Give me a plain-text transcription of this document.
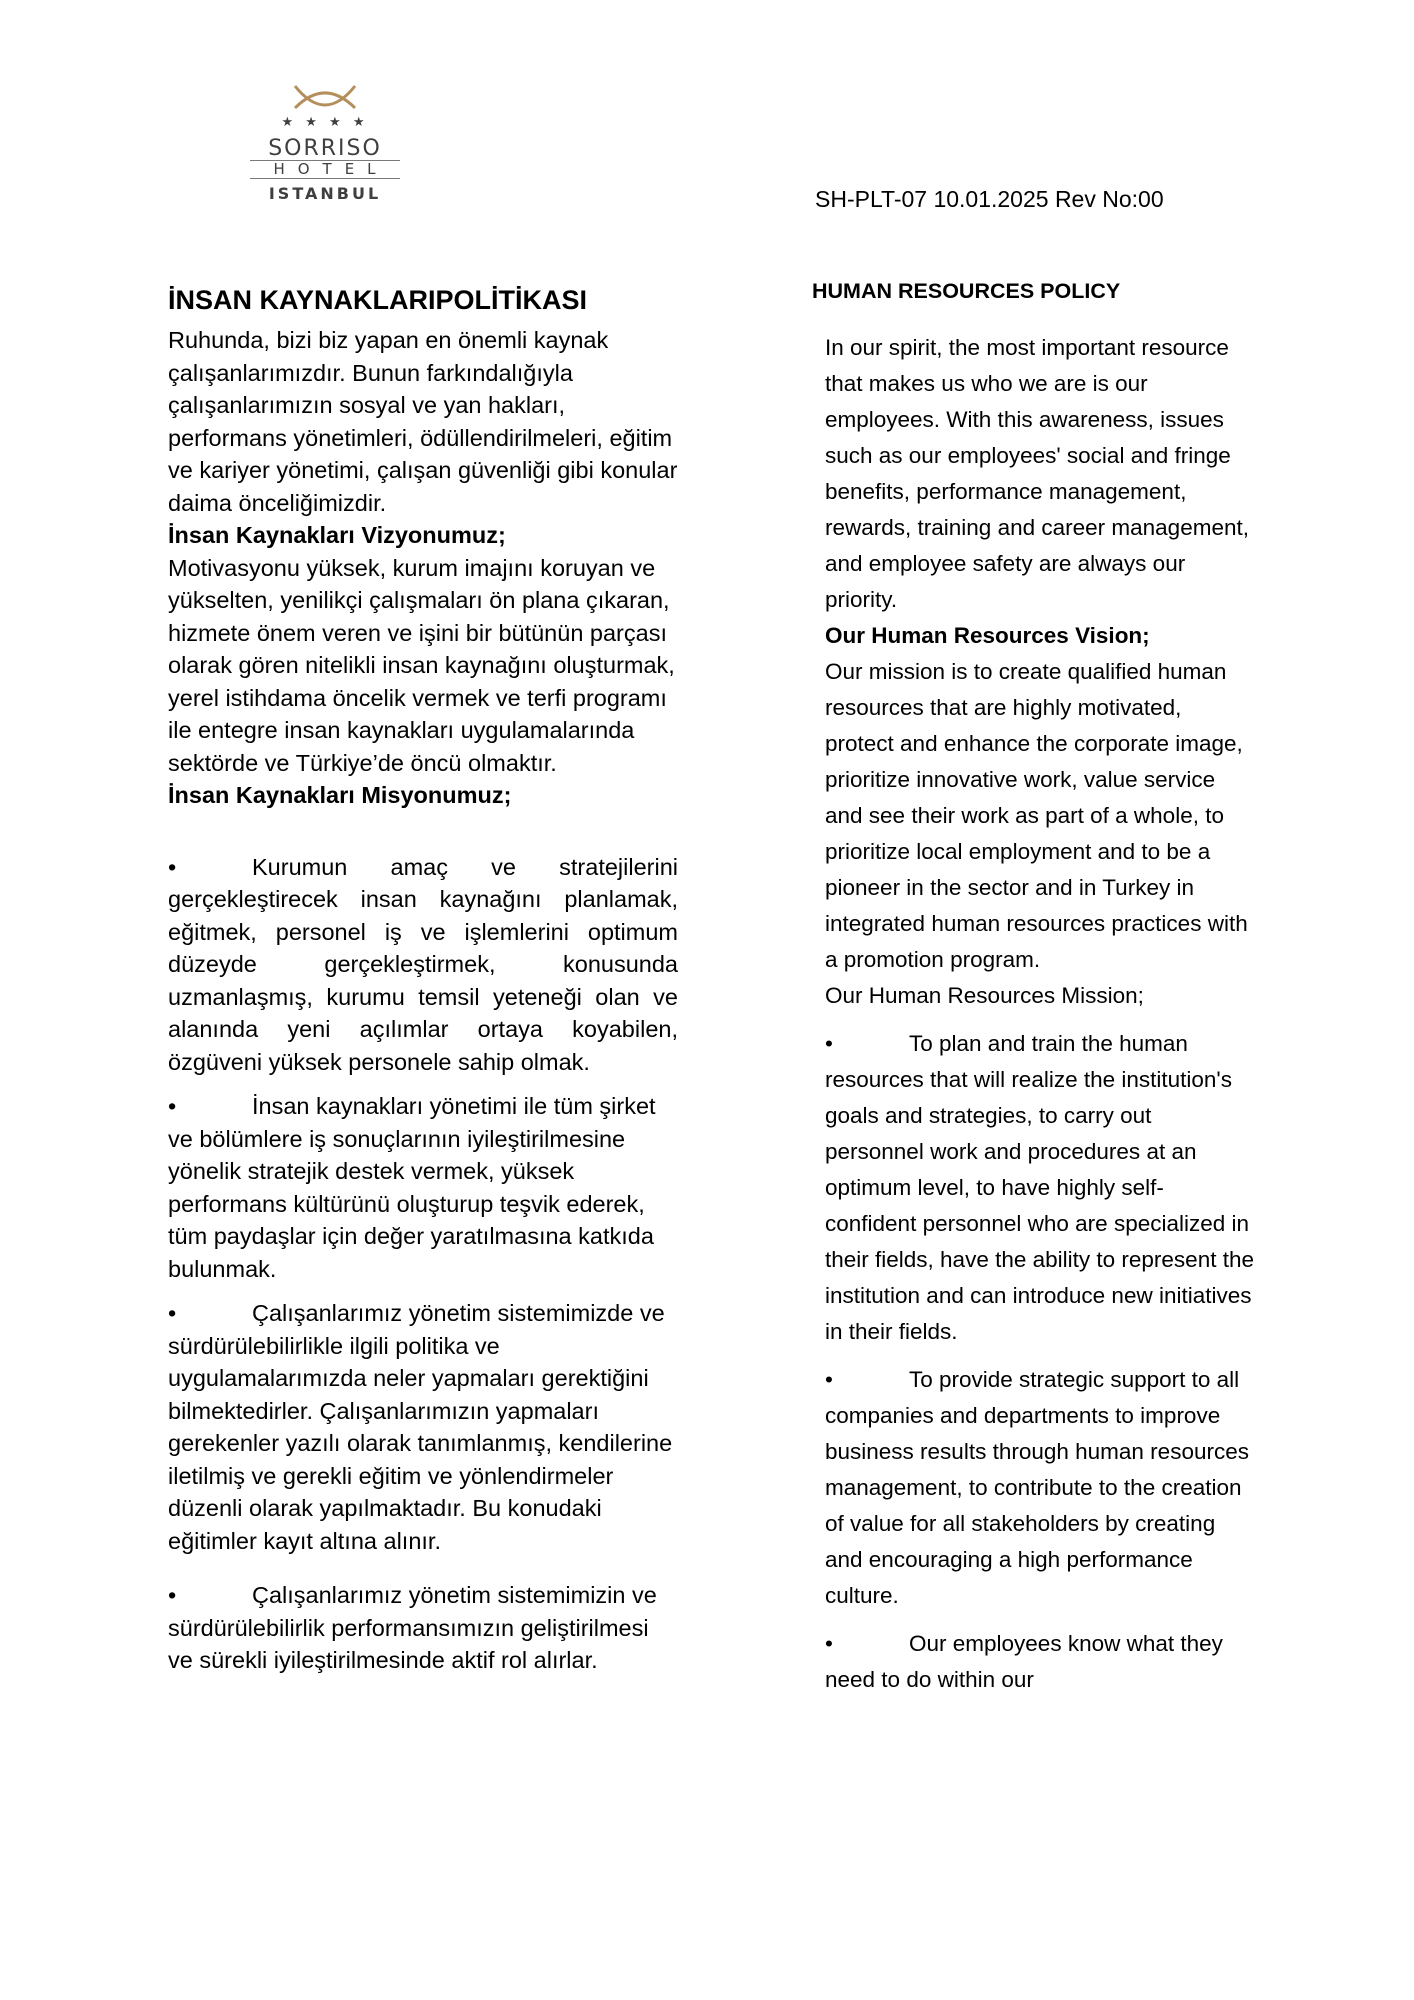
★ ★ ★ ★
SORRISO
HOTEL
ISTANBUL	SH-PLT-07 10.01.2025 Rev No:00
İNSAN KAYNAKLARIPOLİTİKASI

Ruhunda, bizi biz yapan en önemli kaynak çalışanlarımızdır. Bunun farkındalığıyla çalışanlarımızın sosyal ve yan hakları, performans yönetimleri, ödüllendirilmeleri, eğitim ve kariyer yönetimi, çalışan güvenliği gibi konular daima önceliğimizdir.

İnsan Kaynakları Vizyonumuz;

Motivasyonu yüksek, kurum imajını koruyan ve yükselten, yenilikçi çalışmaları ön plana çıkaran, hizmete önem veren ve işini bir bütünün parçası olarak gören nitelikli insan kaynağını oluşturmak, yerel istihdama öncelik vermek ve terfi programı ile entegre insan kaynakları uygulamalarında sektörde ve Türkiye’de öncü olmaktır.

İnsan Kaynakları Misyonumuz;

•	Kurumun amaç ve stratejilerini gerçekleştirecek insan kaynağını planlamak, eğitmek, personel iş ve işlemlerini optimum düzeyde gerçekleştirmek, konusunda uzmanlaşmış, kurumu temsil yeteneği olan ve alanında yeni açılımlar ortaya koyabilen, özgüveni yüksek personele sahip olmak.

•	İnsan kaynakları yönetimi ile tüm şirket ve bölümlere iş sonuçlarının iyileştirilmesine yönelik stratejik destek vermek, yüksek performans kültürünü oluşturup teşvik ederek, tüm paydaşlar için değer yaratılmasına katkıda bulunmak.

•	Çalışanlarımız yönetim sistemimizde ve sürdürülebilirlikle ilgili politika ve uygulamalarımızda neler yapmaları gerektiğini bilmektedirler. Çalışanlarımızın yapmaları gerekenler yazılı olarak tanımlanmış, kendilerine iletilmiş ve gerekli eğitim ve yönlendirmeler düzenli olarak yapılmaktadır. Bu konudaki eğitimler kayıt altına alınır.

•	Çalışanlarımız yönetim sistemimizin ve sürdürülebilirlik performansımızın geliştirilmesi ve sürekli iyileştirilmesinde aktif rol alırlar.

HUMAN RESOURCES POLICY

In our spirit, the most important resource that makes us who we are is our employees. With this awareness, issues such as our employees' social and fringe benefits, performance management, rewards, training and career management, and employee safety are always our priority.

Our Human Resources Vision;

Our mission is to create qualified human resources that are highly motivated, protect and enhance the corporate image, prioritize innovative work, value service and see their work as part of a whole, to prioritize local employment and to be a pioneer in the sector and in Turkey in integrated human resources practices with a promotion program.

Our Human Resources Mission;

•	To plan and train the human resources that will realize the institution's goals and strategies, to carry out personnel work and procedures at an optimum level, to have highly self-confident personnel who are specialized in their fields, have the ability to represent the institution and can introduce new initiatives in their fields.

•	To provide strategic support to all companies and departments to improve business results through human resources management, to contribute to the creation of value for all stakeholders by creating and encouraging a high performance culture.

•	Our employees know what they need to do within our
